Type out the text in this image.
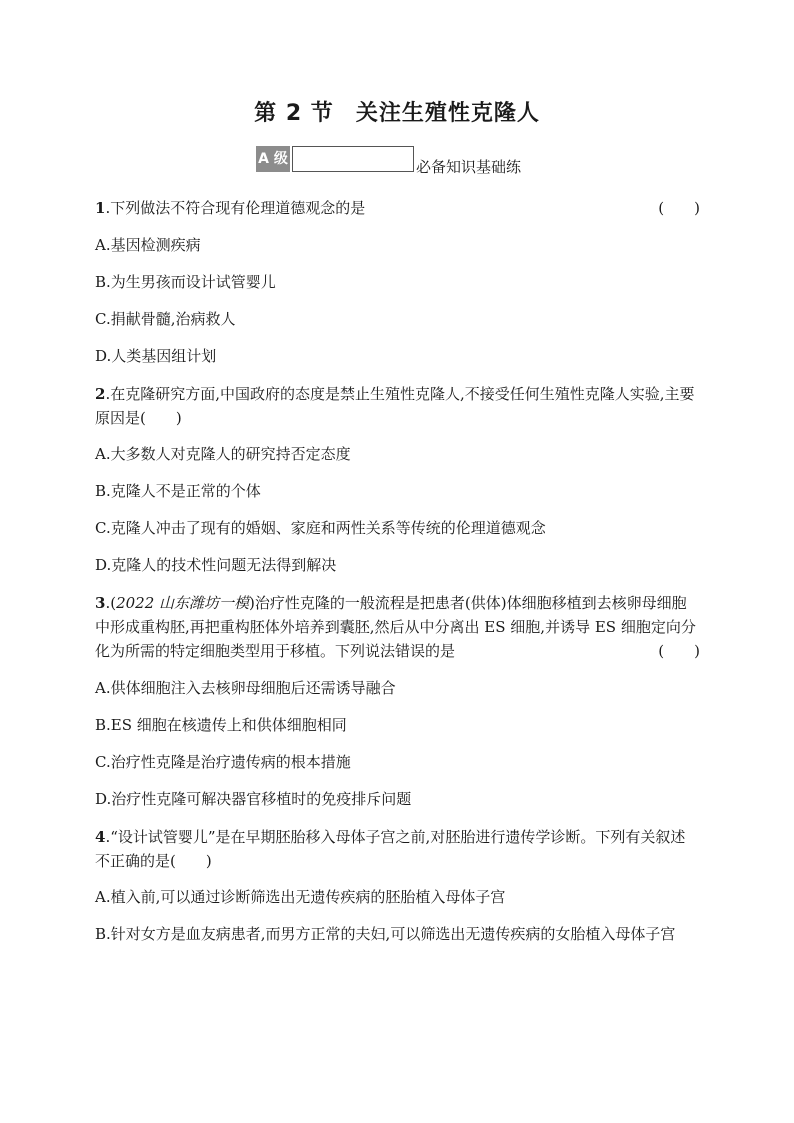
第 2 节 关注生殖性克隆人
A 级	必备知识基础练
1.下列做法不符合现有伦理道德观念的是	(　　)
A.基因检测疾病
B.为生男孩而设计试管婴儿
C.捐献骨髓,治病救人
D.人类基因组计划
2.在克隆研究方面,中国政府的态度是禁止生殖性克隆人,不接受任何生殖性克隆人实验,主要原因是(　　)
A.大多数人对克隆人的研究持否定态度
B.克隆人不是正常的个体
C.克隆人冲击了现有的婚姻、家庭和两性关系等传统的伦理道德观念
D.克隆人的技术性问题无法得到解决
3.(2022 山东潍坊一模)治疗性克隆的一般流程是把患者(供体)体细胞移植到去核卵母细胞中形成重构胚,再把重构胚体外培养到囊胚,然后从中分离出 ES 细胞,并诱导 ES 细胞定向分化为所需的特定细胞类型用于移植。下列说法错误的是	(　　)
A.供体细胞注入去核卵母细胞后还需诱导融合
B.ES 细胞在核遗传上和供体细胞相同
C.治疗性克隆是治疗遗传病的根本措施
D.治疗性克隆可解决器官移植时的免疫排斥问题
4.“设计试管婴儿”是在早期胚胎移入母体子宫之前,对胚胎进行遗传学诊断。下列有关叙述不正确的是(　　)
A.植入前,可以通过诊断筛选出无遗传疾病的胚胎植入母体子宫
B.针对女方是血友病患者,而男方正常的夫妇,可以筛选出无遗传疾病的女胎植入母体子宫
